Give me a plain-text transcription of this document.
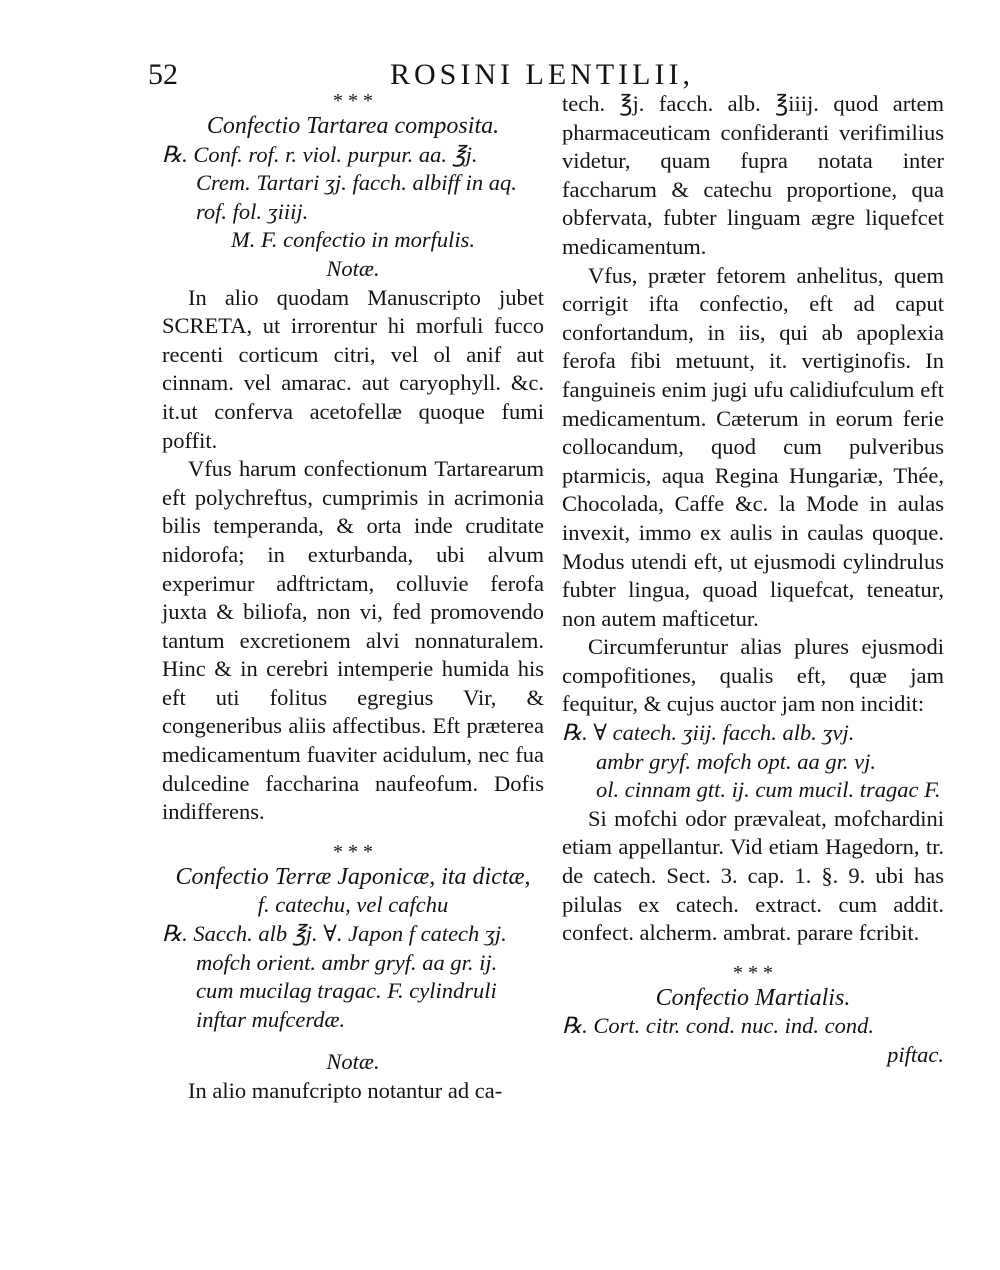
52	ROSINI LENTILII,
* * *
Confectio Tartarea composita.
℞. Conf. rof. r. viol. purpur. aa. ℥j.
Crem. Tartari ʒj. facch. albiff in aq.
rof. fol. ʒiiij.
M. F. confectio in morfulis.
Notæ.

In alio quodam Manuscripto jubet SCRETA, ut irrorentur hi morfuli fucco recenti corticum citri, vel ol anif aut cinnam. vel amarac. aut caryophyll. &c. it.ut conferva acetofellæ quoque fumi poffit.

Vfus harum confectionum Tartarearum eft polychreftus, cumprimis in acrimonia bilis temperanda, & orta inde cruditate nidorofa; in exturbanda, ubi alvum experimur adftrictam, colluvie ferofa juxta & biliofa, non vi, fed promovendo tantum excretionem alvi nonnaturalem. Hinc & in cerebri intemperie humida his eft uti folitus egregius Vir, & congeneribus aliis affectibus. Eft præterea medicamentum fuaviter acidulum, nec fua dulcedine faccharina naufeofum. Dofis indifferens.

* * *
Confectio Terræ Japonicæ, ita dictæ,
f. catechu, vel cafchu
℞. Sacch. alb ℥j. ∀. Japon f catech ʒj.
mofch orient. ambr gryf. aa gr. ij.
cum mucilag tragac. F. cylindruli inftar mufcerdæ.
Notæ.

In alio manufcripto notantur ad ca-

tech. ℥j. facch. alb. ℥iiij. quod artem pharmaceuticam confideranti verifimilius videtur, quam fupra notata inter faccharum & catechu proportione, qua obfervata, fubter linguam ægre liquefcet medicamentum.

Vfus, præter fetorem anhelitus, quem corrigit ifta confectio, eft ad caput confortandum, in iis, qui ab apoplexia ferofa fibi metuunt, it. vertiginofis. In fanguineis enim jugi ufu calidiufculum eft medicamentum. Cæterum in eorum ferie collocandum, quod cum pulveribus ptarmicis, aqua Regina Hungariæ, Thée, Chocolada, Caffe &c. la Mode in aulas invexit, immo ex aulis in caulas quoque. Modus utendi eft, ut ejusmodi cylindrulus fubter lingua, quoad liquefcat, teneatur, non autem mafticetur.

Circumferuntur alias plures ejusmodi compofitiones, qualis eft, quæ jam fequitur, & cujus auctor jam non incidit:

℞. ∀ catech. ʒiij. facch. alb. ʒvj.
ambr gryf. mofch opt. aa gr. vj.
ol. cinnam gtt. ij. cum mucil. tragac F.

Si mofchi odor prævaleat, mofchardini etiam appellantur. Vid etiam Hagedorn, tr. de catech. Sect. 3. cap. 1. §. 9. ubi has pilulas ex catech. extract. cum addit. confect. alcherm. ambrat. parare fcribit.

* * *
Confectio Martialis.
℞. Cort. citr. cond. nuc. ind. cond.
piftac.
